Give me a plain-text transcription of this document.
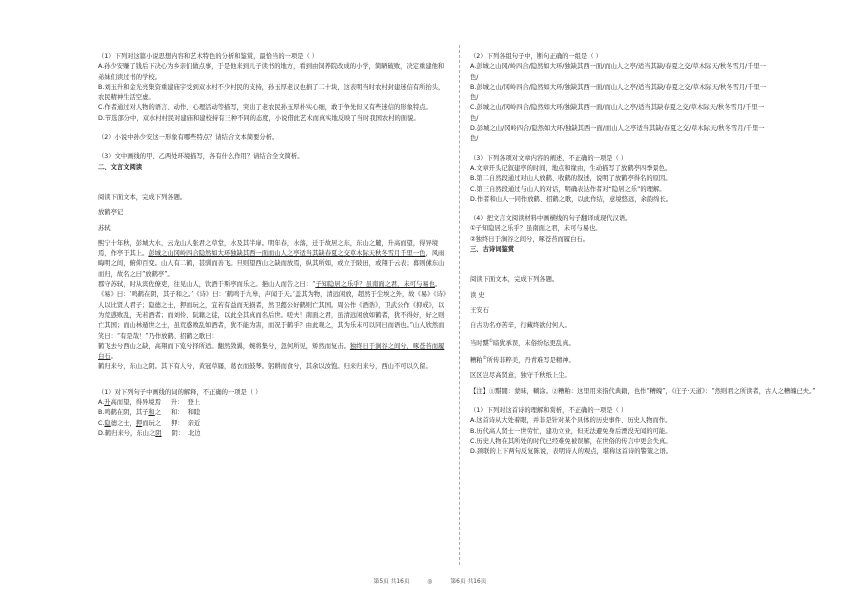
（1）下列对这篇小说思想内容和艺术特色的分析和鉴赏，最恰当的一项是（ ）

A.孙少安赚了钱后下决心为乡亲们做点事，于是他来到儿子读书的地方，看到由饲养院改成的小学，简陋破败，决定重建他和弟妹们读过书的学校。

B.刘玉升和金光亮集资重建庙宇受到双水村不少村民的支持，孙玉厚老汉也捐了二十块，这表明当时农村封建迷信有所抬头，农民精神生活空虚。

C.作者通过对人物的语言、动作、心理活动等描写，突出了老农民孙玉厚朴实心细，敢于争先但又有些迷信的形象特点。

D.节选部分中，双水村村民对建庙和建校持有三种不同的态度，小说借此艺术而真实地反映了当时我国农村的面貌。

（2）小说中孙少安这一形象有哪些特点？请结合文本简要分析。

（3）文中画线的甲、乙两处环境描写，各有什么作用？请结合全文简析。

二、文言文阅读

阅读下面文本，完成下列各题。

放鹤亭记

苏轼

熙宁十年秋，彭城大水，云龙山人张君之草堂，水及其半扉。明年春，水落，迁于故居之东，东山之麓，升高而望，得异境焉，作亭于其上。彭城之山冈岭四合隐然如大环独缺其西一面而山人之亭适当其缺春夏之交草木际天秋冬雪月千里一色，风雨晦明之间，俯仰百变。山人有二鹤，甚驯而善飞。旦则望西山之缺而放焉，纵其所如，或立于陂田，或翔于云表；暮则傃东山而归，故名之曰“放鹤亭”。

郡守苏轼，时从宾佐僚吏，往见山人，饮酒于斯亭而乐之。挹山人而告之曰：“子知隐居之乐乎？虽南面之君，未可与易也。《易》曰：‘鸣鹤在阴，其子和之。’《诗》曰：‘鹤鸣于九皋，声闻于天。’盖其为物，清远闲放，超然于尘埃之外，故《易》《诗》人以比贤人君子；隐德之士，狎而玩之，宜若有益而无损者，然卫懿公好鹤则亡其国。周公作《酒诰》，卫武公作《抑戒》，以为荒惑败乱，无若酒者；而刘伶、阮籍之徒，以此全其真而名后世。嗟夫！南面之君，虽清远闲放如鹤者，犹不得好，好之则亡其国；而山林遁世之士，虽荒惑败乱如酒者，犹不能为害，而况于鹤乎？由此观之，其为乐未可以同日而语也。”山人欣然而笑曰：“有是哉！”乃作放鹤、招鹤之歌曰：

鹤飞去兮西山之缺，高翔而下览兮择所适。翻然敛翼，婉将集兮，忽何所见，矫然而复击。独终日于涧谷之间兮，啄苍苔而履白石。

鹤归来兮，东山之阴。其下有人兮，黄冠草屦，葛衣而鼓琴。躬耕而食兮，其余以汝饱。归来归来兮，西山不可以久留。

（1）对下列句子中画线的词的解释，不正确的一项是（ ）

A.升高而望，得异境焉 升： 登上

B.鸣鹤在阴，其子和之 和： 和睦

C.隐德之士，狎而玩之 狎： 亲近

D.鹤归来兮，东山之阴 阴： 北边

（2）下列各组句子中，断句正确的一组是（ ）

A.彭城之山冈/岭四合/隐然如大环/独缺其西一面/而山人之亭/适当其缺/春夏之交/草木际天/秋冬雪月/千里一

色/

B.彭城之山/冈岭四合/隐然如大环/独缺其西一面/而山人之亭/适当其缺/春夏之交/草木际天/秋冬雪月/千里一

色/

C.彭城之山/冈岭四合/隐然如大环/独缺其西一面/而山人之亭/适当其缺春夏之交/草木际天/秋冬雪月/千里一

色/

D.彭城之山/冈岭四合/隐然如大环/独缺其西一面/而山人之亭适当其缺/春夏之交/草木际天/秋冬雪月/千里一

色/

（3）下列各项对文章内容的阐述，不正确的一项是（ ）

A.文章开头记叙建亭的时间，地点和缘由，生动描写了放鹤亭四季景色。

B.第二自然段通过对山人放鹤、收鹤的叙述，说明了放鹤亭得名的原因。

C.第三自然段通过与山人的对话，明确表达作者对“隐居之乐”的理解。

D.作者和山人一同作放鹤、招鹤之歌，以此作结，意境悠远，余韵绵长。

（4）把文言文阅读材料中画横线的句子翻译成现代汉语。

①子知隐居之乐乎？虽南面之君，未可与易也。

②独终日于涧谷之间兮，啄苍苔而履白石。

三、古诗词鉴赏

阅读下面文本，完成下列各题。

读 史

王安石

自古功名亦苦辛，行藏终欲付何人。

当时黮①暗犹承误，末俗纷纭更乱真。

糟粕②所传非粹美，丹青难写是精神。

区区岂尽高贤意，独守千秋纸上尘。

【注】①黮闇：蒙昧，糊涂。②糟粕：这里用来指代典籍，也作“糟魄”，《庄子·天道》：“然则君之所读者，古人之糟魄已夫。”

（1）下列对这首诗的理解和赏析，不正确的一项是（ ）

A.这首诗从大处着眼，并非是针对某个具体的历史事件、历史人物而作。

B.历代高人贤士一世劳忙，建功立业，但无法避免身后湮没无闻的可能。

C.历史人物在其所处的时代已经难免被误解，在世俗的传言中更会失真。

D.颈联的上下两句反复陈说，表明诗人的观点，堪称这首诗的警策之语。

第5页 共16页	◎	第6页 共16页
